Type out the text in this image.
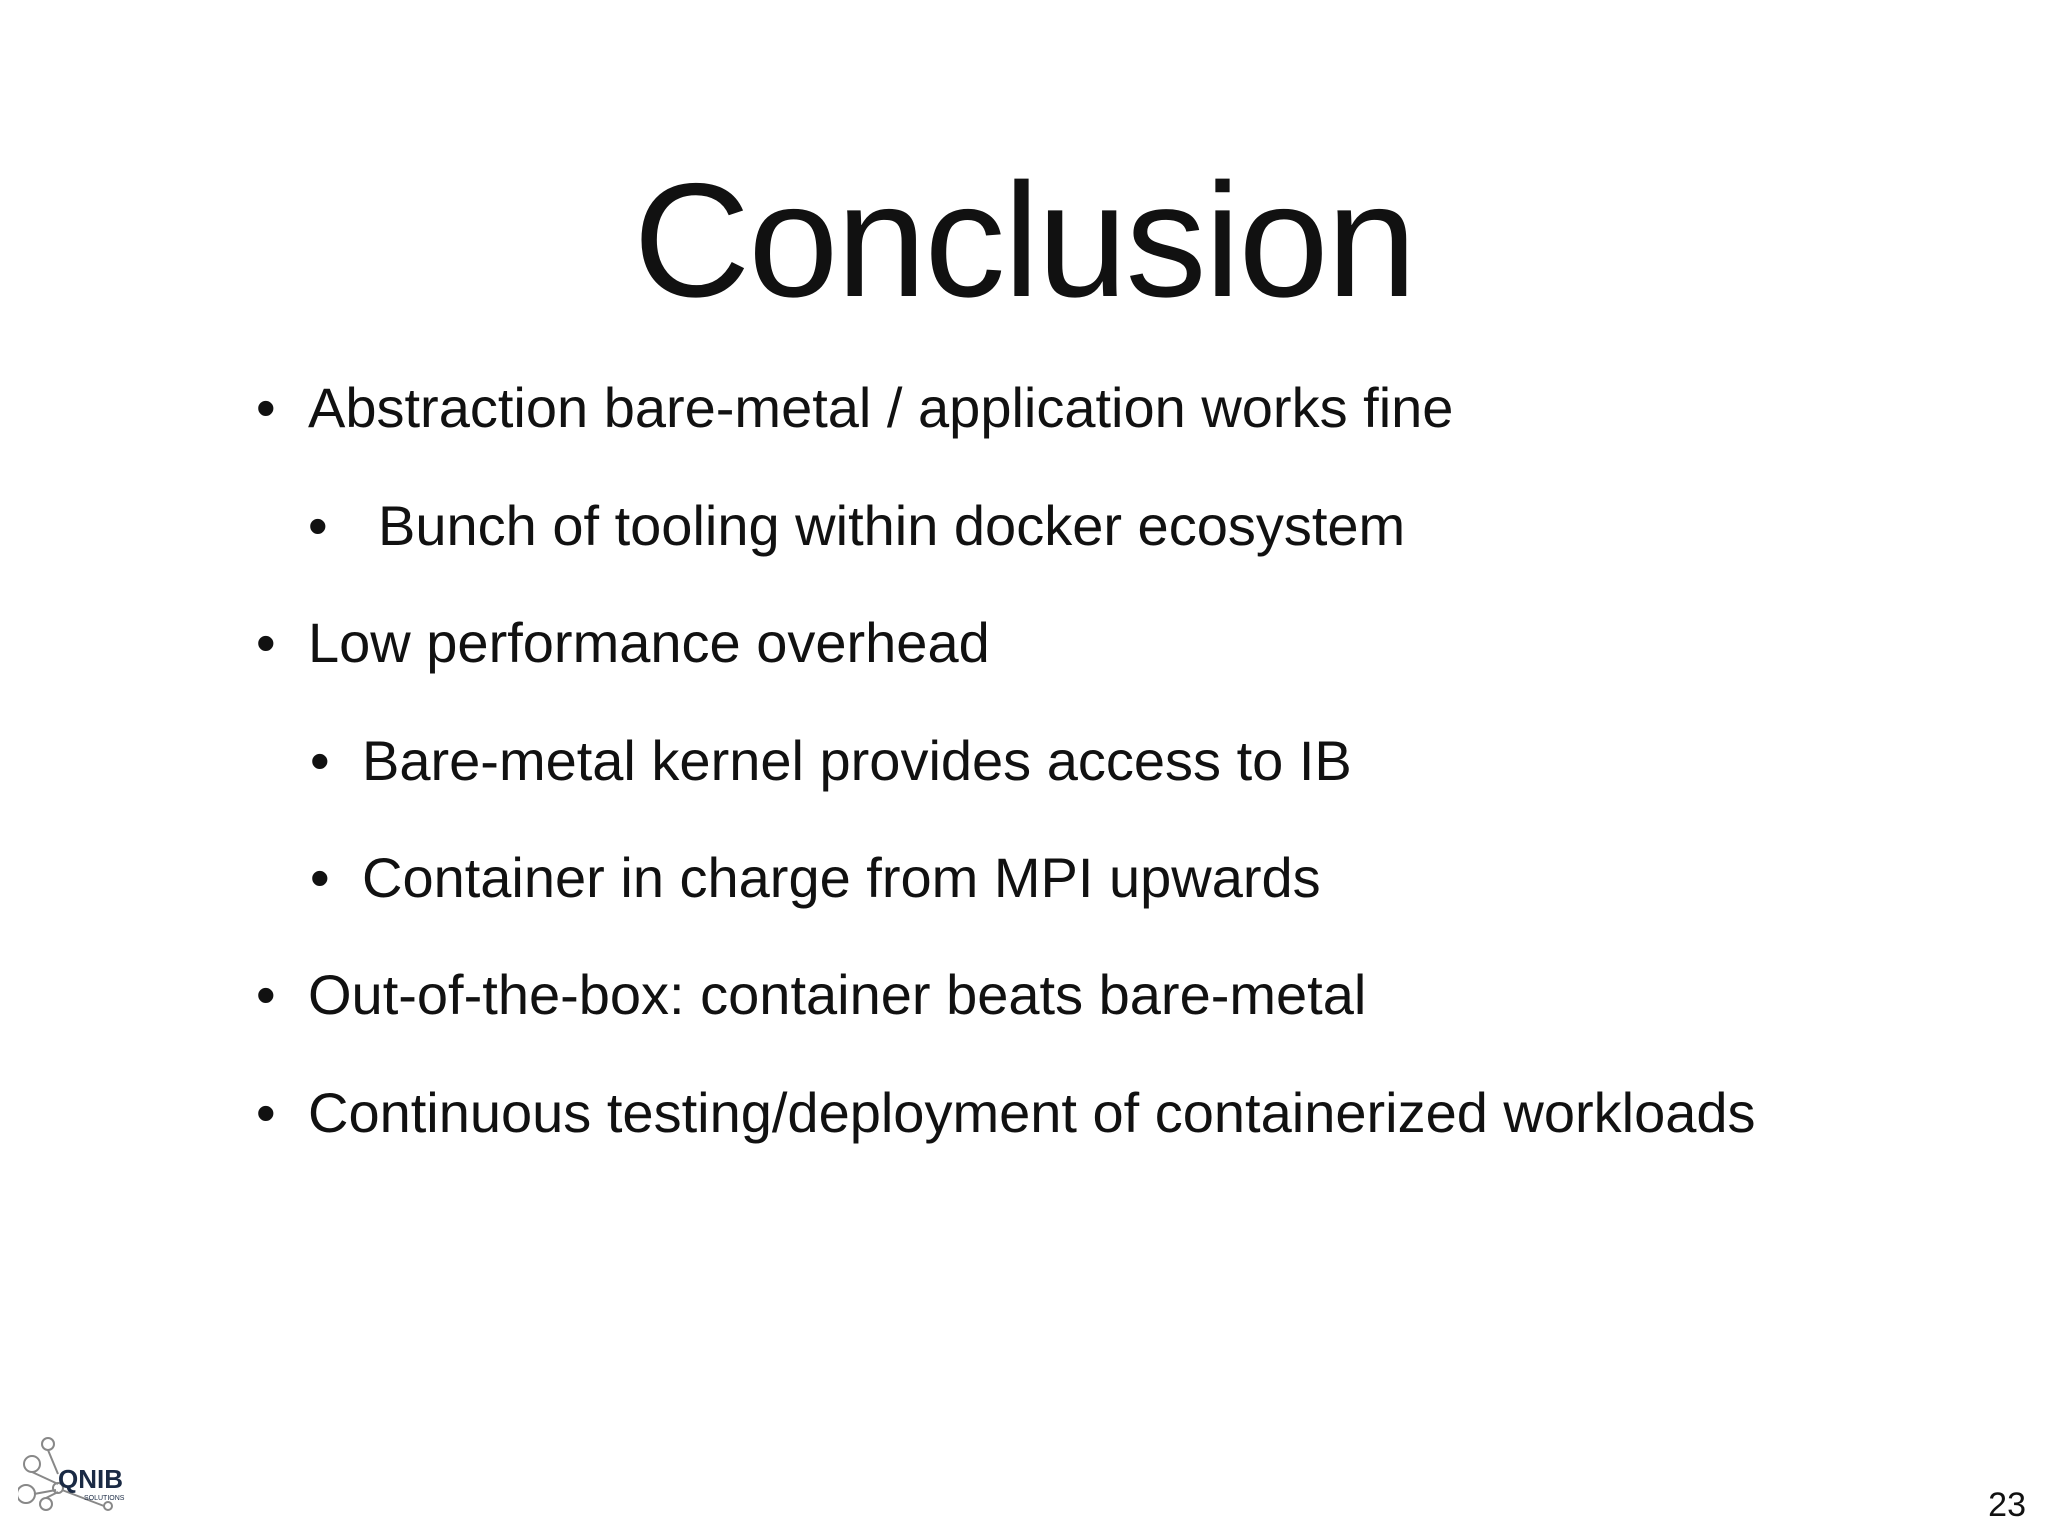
Conclusion
• Abstraction bare-metal / application works fine
• Bunch of tooling within docker ecosystem
• Low performance overhead
• Bare-metal kernel provides access to IB
• Container in charge from MPI upwards
• Out-of-the-box: container beats bare-metal
• Continuous testing/deployment of containerized workloads
QNIB
SOLUTIONS	23
